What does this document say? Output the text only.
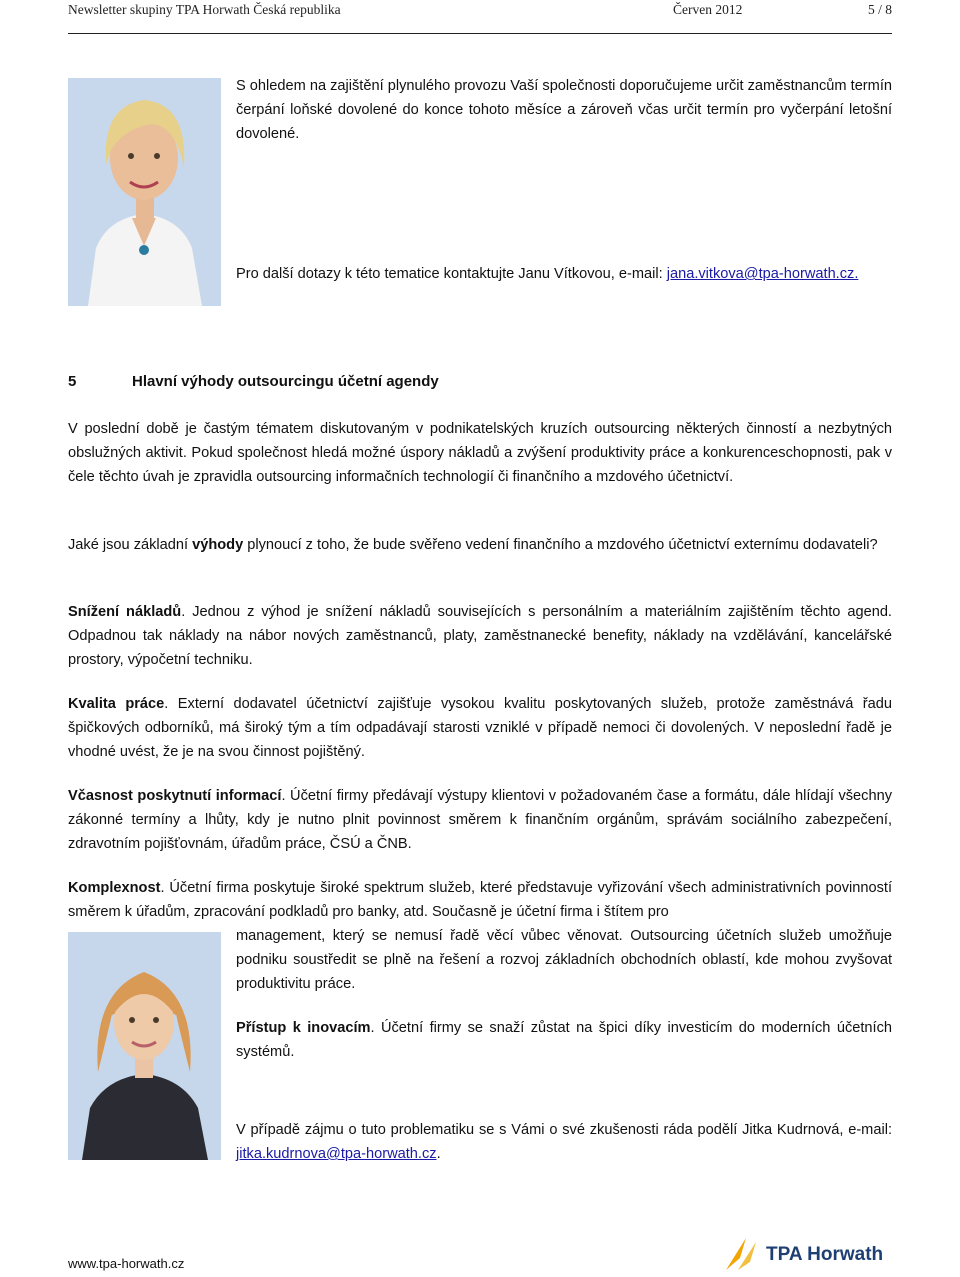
Newsletter skupiny TPA Horwath Česká republika	Červen 2012	5 / 8

S ohledem na zajištění plynulého provozu Vaší společnosti doporučujeme určit zaměstnancům termín čerpání loňské dovolené do konce tohoto měsíce a zároveň včas určit termín pro vyčerpání letošní dovolené.

Pro další dotazy k této tematice kontaktujte Janu Vítkovou, e-mail: jana.vitkova@tpa-horwath.cz.

5	Hlavní výhody outsourcingu účetní agendy

V poslední době je častým tématem diskutovaným v podnikatelských kruzích outsourcing některých činností a nezbytných obslužných aktivit. Pokud společnost hledá možné úspory nákladů a zvýšení produktivity práce a konkurenceschopnosti, pak v čele těchto úvah je zpravidla outsourcing informačních technologií či finančního a mzdového účetnictví.

Jaké jsou základní výhody plynoucí z toho, že bude svěřeno vedení finančního a mzdového účetnictví externímu dodavateli?

Snížení nákladů. Jednou z výhod je snížení nákladů souvisejících s personálním a materiálním zajištěním těchto agend. Odpadnou tak náklady na nábor nových zaměstnanců, platy, zaměstnanecké benefity, náklady na vzdělávání, kancelářské prostory, výpočetní techniku.

Kvalita práce. Externí dodavatel účetnictví zajišťuje vysokou kvalitu poskytovaných služeb, protože zaměstnává řadu špičkových odborníků, má široký tým a tím odpadávají starosti vzniklé v případě nemoci či dovolených. V neposlední řadě je vhodné uvést, že je na svou činnost pojištěný.

Včasnost poskytnutí informací. Účetní firmy předávají výstupy klientovi v požadovaném čase a formátu, dále hlídají všechny zákonné termíny a lhůty, kdy je nutno plnit povinnost směrem k finančním orgánům, správám sociálního zabezpečení, zdravotním pojišťovnám, úřadům práce, ČSÚ a ČNB.

Komplexnost. Účetní firma poskytuje široké spektrum služeb, které představuje vyřizování všech administrativních povinností směrem k úřadům, zpracování podkladů pro banky, atd. Současně je účetní firma i štítem pro

management, který se nemusí řadě věcí vůbec věnovat. Outsourcing účetních služeb umožňuje podniku soustředit se plně na řešení a rozvoj základních obchodních oblastí, kde mohou zvyšovat produktivitu práce.

Přístup k inovacím. Účetní firmy se snaží zůstat na špici díky investicím do moderních účetních systémů.

V případě zájmu o tuto problematiku se s Vámi o své zkušenosti ráda podělí Jitka Kudrnová, e-mail: jitka.kudrnova@tpa-horwath.cz.

www.tpa-horwath.cz	TPA Horwath
